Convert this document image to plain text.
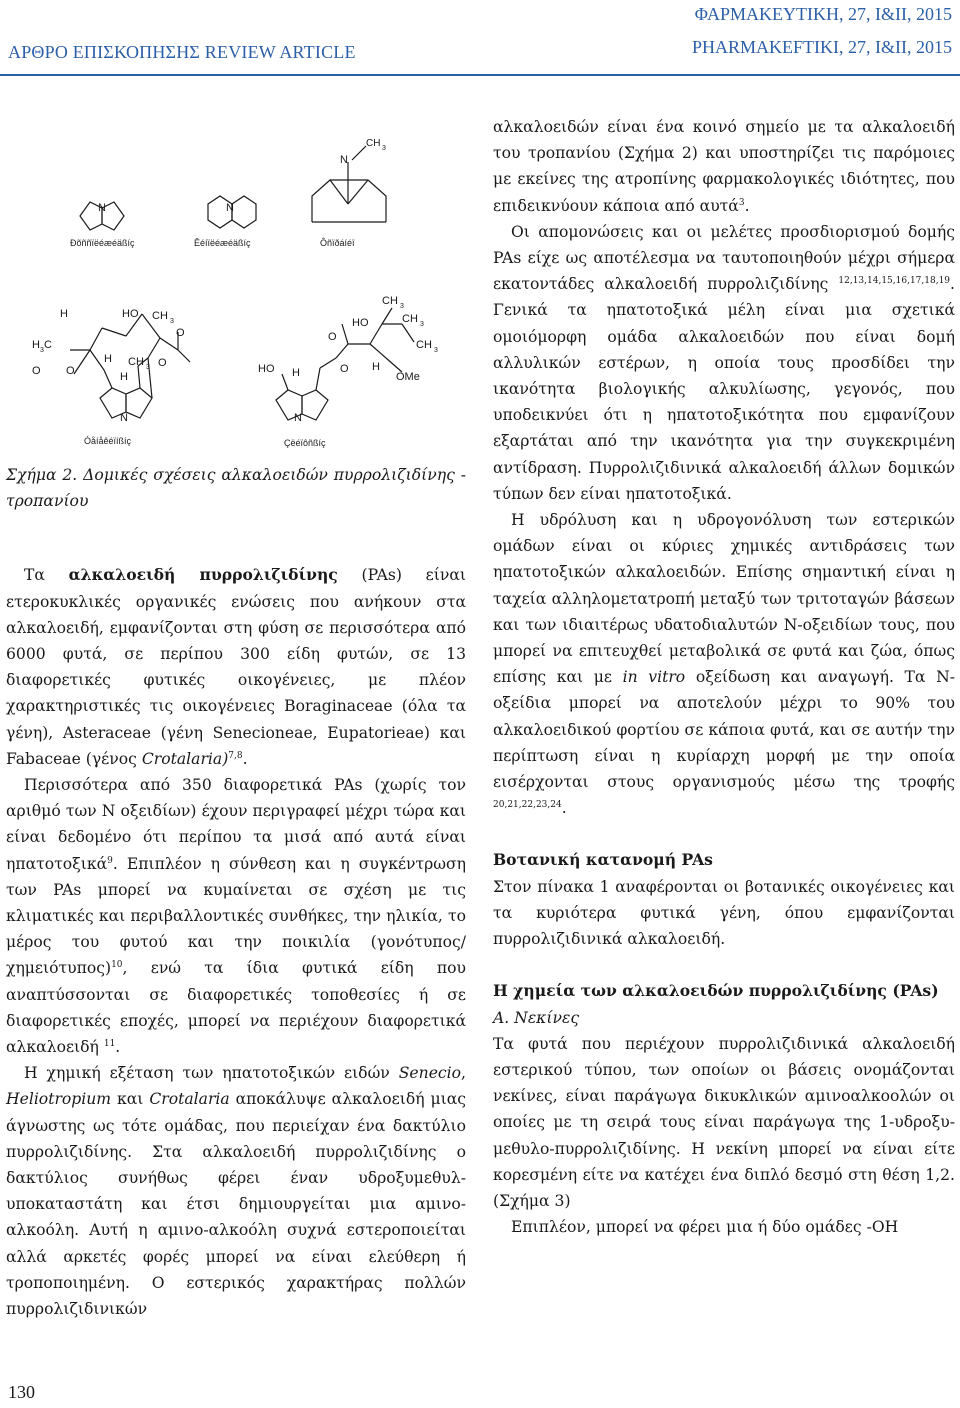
ΑΡΘΡΟ ΕΠΙΣΚΟΠΗΣΗΣ REVIEW ARTICLE
ΦΑΡΜΑΚΕΥΤΙΚΗ, 27, I&II, 2015
PHARMAKEFTIKI, 27, I&II, 2015
N	N
N
CH 3
Ðõññïëéæéäßíç	Êéíïëéæéäßíç	Ôñïðáíéï
H	HO CH 3
O
H 3 C
H CH 3 O
O O	H
N
Óåíåêéïíßíç
CH 3
CH 3
HO
O
CH 3
HO H	O H
OMe
N
Çëéïôñßíç

Σχήμα 2. Δομικές σχέσεις αλκαλοειδών πυρρολιζιδίνης - τροπανίου

Τα αλκαλοειδή πυρρολιζιδίνης (PAs) είναι ετεροκυκλικές οργανικές ενώσεις που ανήκουν στα αλκαλοειδή, εμφανίζονται στη φύση σε περισσότερα από 6000 φυτά, σε περίπου 300 είδη φυτών, σε 13 διαφορετικές φυτικές οικογένειες, με πλέον χαρακτηριστικές τις οικογένειες Boraginaceae (όλα τα γένη), Asteraceae (γένη Senecioneae, Eupatorieae) και Fabaceae (γένος Crotalaria)$^{7,8}$.

Περισσότερα από 350 διαφορετικά PAs (χωρίς τον αριθμό των Ν οξειδίων) έχουν περιγραφεί μέχρι τώρα και είναι δεδομένο ότι περίπου τα μισά από αυτά είναι ηπατοτοξικά$^9$. Επιπλέον η σύνθεση και η συγκέντρωση των PAs μπορεί να κυμαίνεται σε σχέση με τις κλιματικές και περιβαλλοντικές συνθήκες, την ηλικία, το μέρος του φυτού και την ποικιλία $(\gamma o\nu ό\tau\upsilon\pi o\varsigma/\chi\eta\mu\varepsilon\iota ό\tau\upsilon\pi o\varsigma)^{10}$, ενώ τα ίδια φυτικά είδη που αναπτύσσονται σε διαφορετικές τοποθεσίες ή σε διαφορετικές εποχές, μπορεί να περιέχουν διαφορετικά αλκαλοειδή $^{11}$.

Η χημική εξέταση των ηπατοτοξικών ειδών Senecio, Heliotropium και Crotalaria αποκάλυψε αλκαλοειδή μιας άγνωστης ως τότε ομάδας, που περιείχαν ένα δακτύλιο πυρρολιζιδίνης. Στα αλκαλοειδή πυρρολιζιδίνης ο δακτύλιος συνήθως φέρει έναν υδροξυμεθυλ- υποκαταστάτη και έτσι δημιουργείται μια αμινο-αλκοόλη. Αυτή η αμινο-αλκοόλη συχνά εστεροποιείται αλλά αρκετές φορές μπορεί να είναι ελεύθερη ή τροποποιημένη. Ο εστερικός χαρακτήρας πολλών πυρρολιζιδινικών

αλκαλοειδών είναι ένα κοινό σημείο με τα αλκαλοειδή του τροπανίου (Σχήμα 2) και υποστηρίζει τις παρόμοιες με εκείνες της ατροπίνης φαρμακολογικές ιδιότητες, που επιδεικνύουν κάποια από αυτά$^3$.

Οι απομονώσεις και οι μελέτες προσδιορισμού δομής PAs είχε ως αποτέλεσμα να ταυτοποιηθούν μέχρι σήμερα εκατοντάδες αλκαλοειδή πυρρολιζιδίνης $^{12,13,14,15,16,17,18,19}$. Γενικά τα ηπατοτοξικά μέλη είναι μια σχετικά ομοιόμορφη ομάδα αλκαλοειδών που είναι δομή αλλυλικών εστέρων, η οποία τους προσδίδει την ικανότητα βιολογικής αλκυλίωσης, γεγονός, που υποδεικνύει ότι η ηπατοτοξικότητα που εμφανίζουν εξαρτάται από την ικανότητα για την συγκεκριμένη αντίδραση. Πυρρολιζιδινικά αλκαλοειδή άλλων δομικών τύπων δεν είναι ηπατοτοξικά.

Η υδρόλυση και η υδρογονόλυση των εστερικών ομάδων είναι οι κύριες χημικές αντιδράσεις των ηπατοτοξικών αλκαλοειδών. Επίσης σημαντική είναι η ταχεία αλληλομετατροπή μεταξύ των τριτοταγών βάσεων και των ιδιαιτέρως υδατοδιαλυτών Ν-οξειδίων τους, που μπορεί να επιτευχθεί μεταβολικά σε φυτά και ζώα, όπως επίσης και με in vitro οξείδωση και αναγωγή. Τα Ν-οξείδια μπορεί να αποτελούν μέχρι το 90% του αλκαλοειδικού φορτίου σε κάποια φυτά, και σε αυτήν την περίπτωση είναι η κυρίαρχη μορφή με την οποία εισέρχονται στους οργανισμούς μέσω της τροφής $^{20,21,22,23,24}$.

Βοτανική κατανομή PAs

Στον πίνακα 1 αναφέρονται οι βοτανικές οικογένειες και τα κυριότερα φυτικά γένη, όπου εμφανίζονται πυρρολιζιδινικά αλκαλοειδή.

Η χημεία των αλκαλοειδών πυρρολιζιδίνης (PAs)

Α. Νεκίνες

Τα φυτά που περιέχουν πυρρολιζιδινικά αλκαλοειδή εστερικού τύπου, των οποίων οι βάσεις ονομάζονται νεκίνες, είναι παράγωγα δικυκλικών αμινοαλκοολών οι οποίες με τη σειρά τους είναι παράγωγα της 1-υδροξυ-μεθυλο-πυρρολιζιδίνης. Η νεκίνη μπορεί να είναι είτε κορεσμένη είτε να κατέχει ένα διπλό δεσμό στη θέση 1,2. (Σχήμα 3)

Επιπλέον, μπορεί να φέρει μια ή δύο ομάδες -ΟΗ

130
